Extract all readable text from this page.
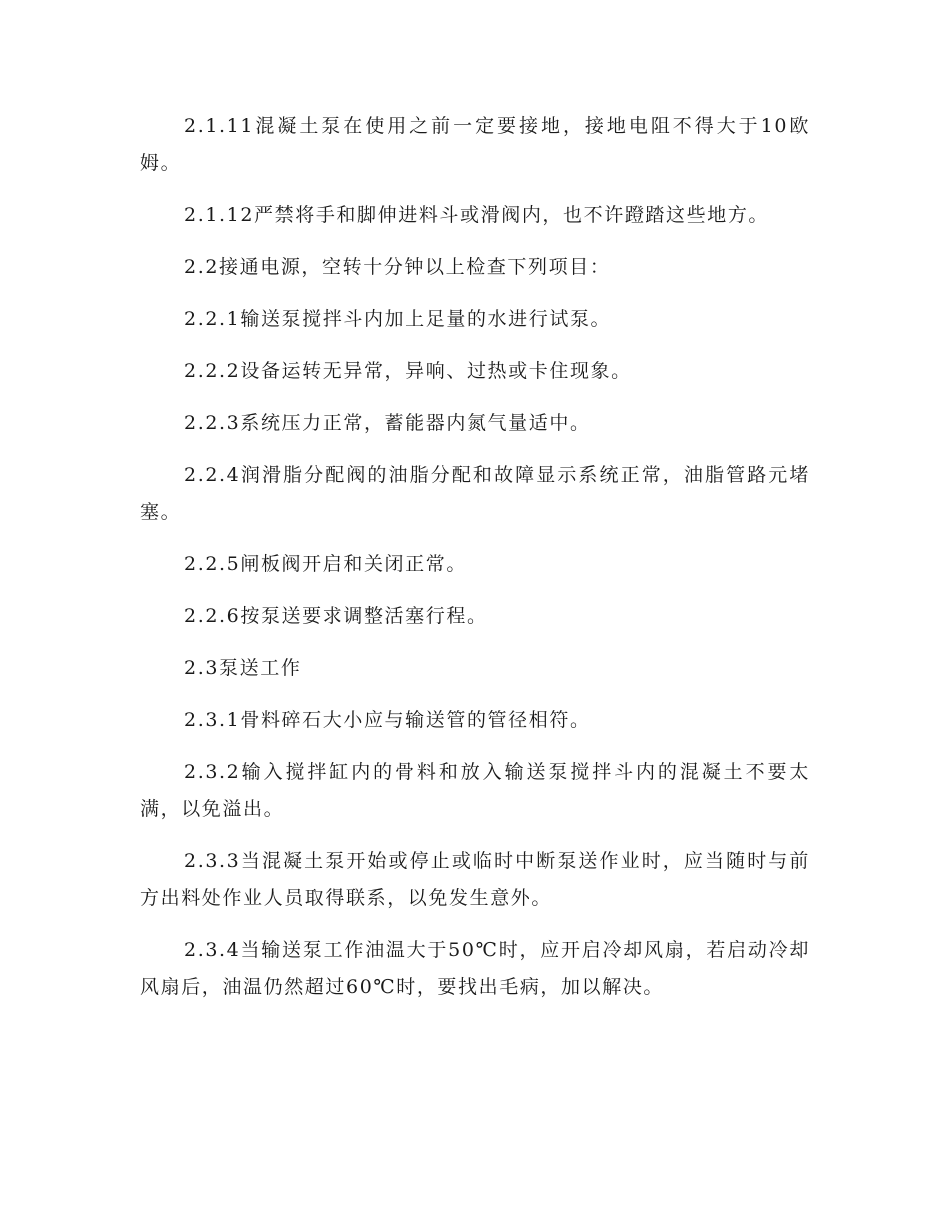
2.1.11混凝土泵在使用之前一定要接地，接地电阻不得大于10欧姆。

2.1.12严禁将手和脚伸进料斗或滑阀内，也不许蹬踏这些地方。

2.2接通电源，空转十分钟以上检查下列项目：

2.2.1输送泵搅拌斗内加上足量的水进行试泵。

2.2.2设备运转无异常，异响、过热或卡住现象。

2.2.3系统压力正常，蓄能器内氮气量适中。

2.2.4润滑脂分配阀的油脂分配和故障显示系统正常，油脂管路元堵塞。

2.2.5闸板阀开启和关闭正常。

2.2.6按泵送要求调整活塞行程。

2.3泵送工作

2.3.1骨料碎石大小应与输送管的管径相符。

2.3.2输入搅拌缸内的骨料和放入输送泵搅拌斗内的混凝土不要太满，以免溢出。

2.3.3当混凝土泵开始或停止或临时中断泵送作业时，应当随时与前方出料处作业人员取得联系，以免发生意外。

2.3.4当输送泵工作油温大于50℃时，应开启冷却风扇，若启动冷却风扇后，油温仍然超过60℃时，要找出毛病，加以解决。
